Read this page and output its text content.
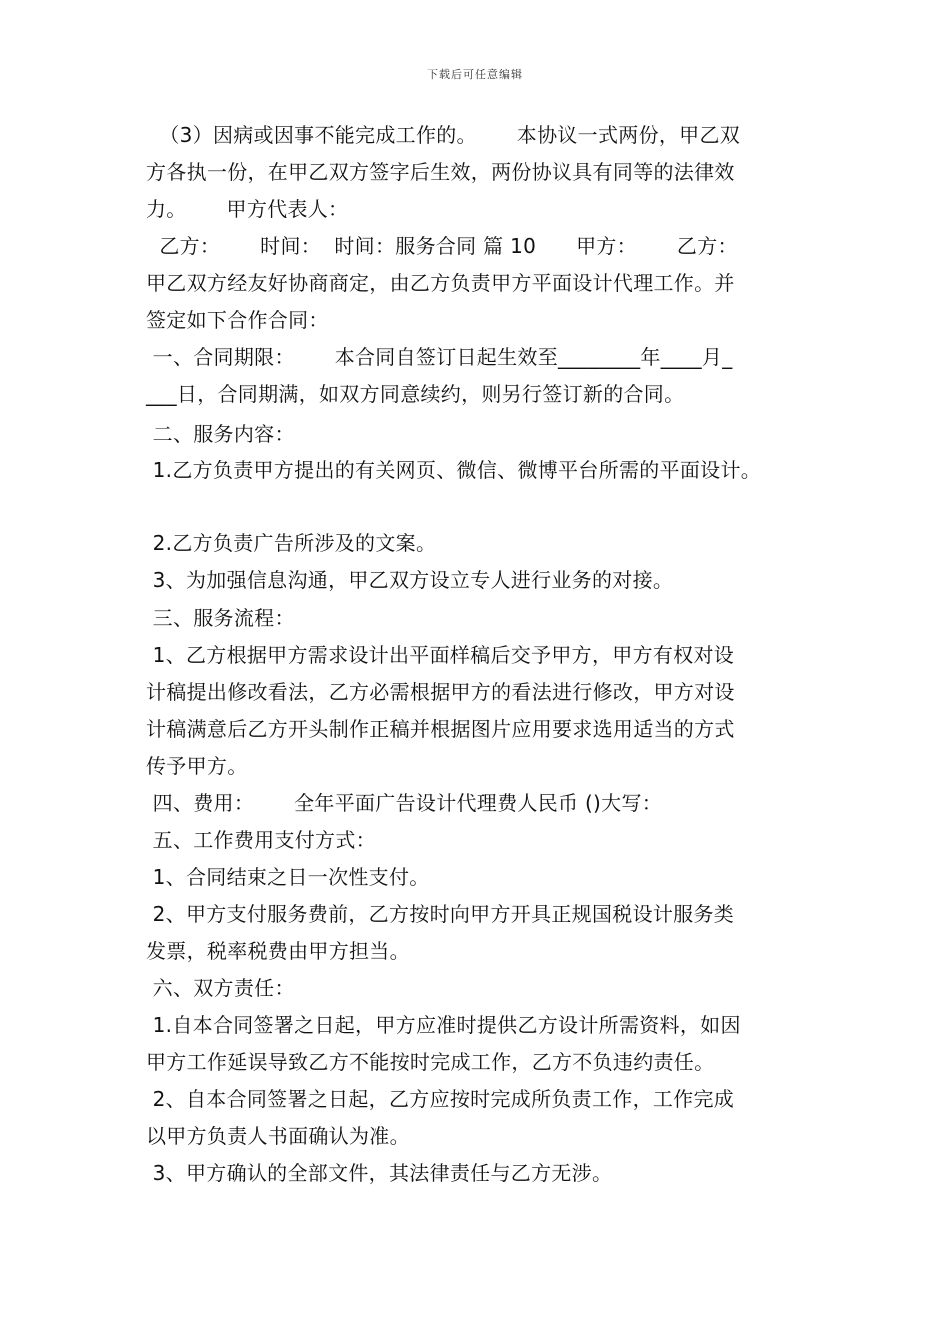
下载后可任意编辑
（3）因病或因事不能完成工作的。      本协议一式两份，甲乙双
方各执一份，在甲乙双方签字后生效，两份协议具有同等的法律效
力。      甲方代表人：
乙方：      时间：  时间：服务合同 篇 10      甲方：      乙方：
甲乙双方经友好协商商定，由乙方负责甲方平面设计代理工作。并
签定如下合作合同：
一、合同期限：      本合同自签订日起生效至________年____月_
___日，合同期满，如双方同意续约，则另行签订新的合同。
二、服务内容：
1.乙方负责甲方提出的有关网页、微信、微博平台所需的平面设计。
2.乙方负责广告所涉及的文案。
3、为加强信息沟通，甲乙双方设立专人进行业务的对接。
三、服务流程：
1、乙方根据甲方需求设计出平面样稿后交予甲方，甲方有权对设
计稿提出修改看法，乙方必需根据甲方的看法进行修改，甲方对设
计稿满意后乙方开头制作正稿并根据图片应用要求选用适当的方式
传予甲方。
四、费用：      全年平面广告设计代理费人民币 ()大写：
五、工作费用支付方式：
1、合同结束之日一次性支付。
2、甲方支付服务费前，乙方按时向甲方开具正规国税设计服务类
发票，税率税费由甲方担当。
六、双方责任：
1.自本合同签署之日起，甲方应准时提供乙方设计所需资料，如因
甲方工作延误导致乙方不能按时完成工作，乙方不负违约责任。
2、自本合同签署之日起，乙方应按时完成所负责工作，工作完成
以甲方负责人书面确认为准。
3、甲方确认的全部文件，其法律责任与乙方无涉。
